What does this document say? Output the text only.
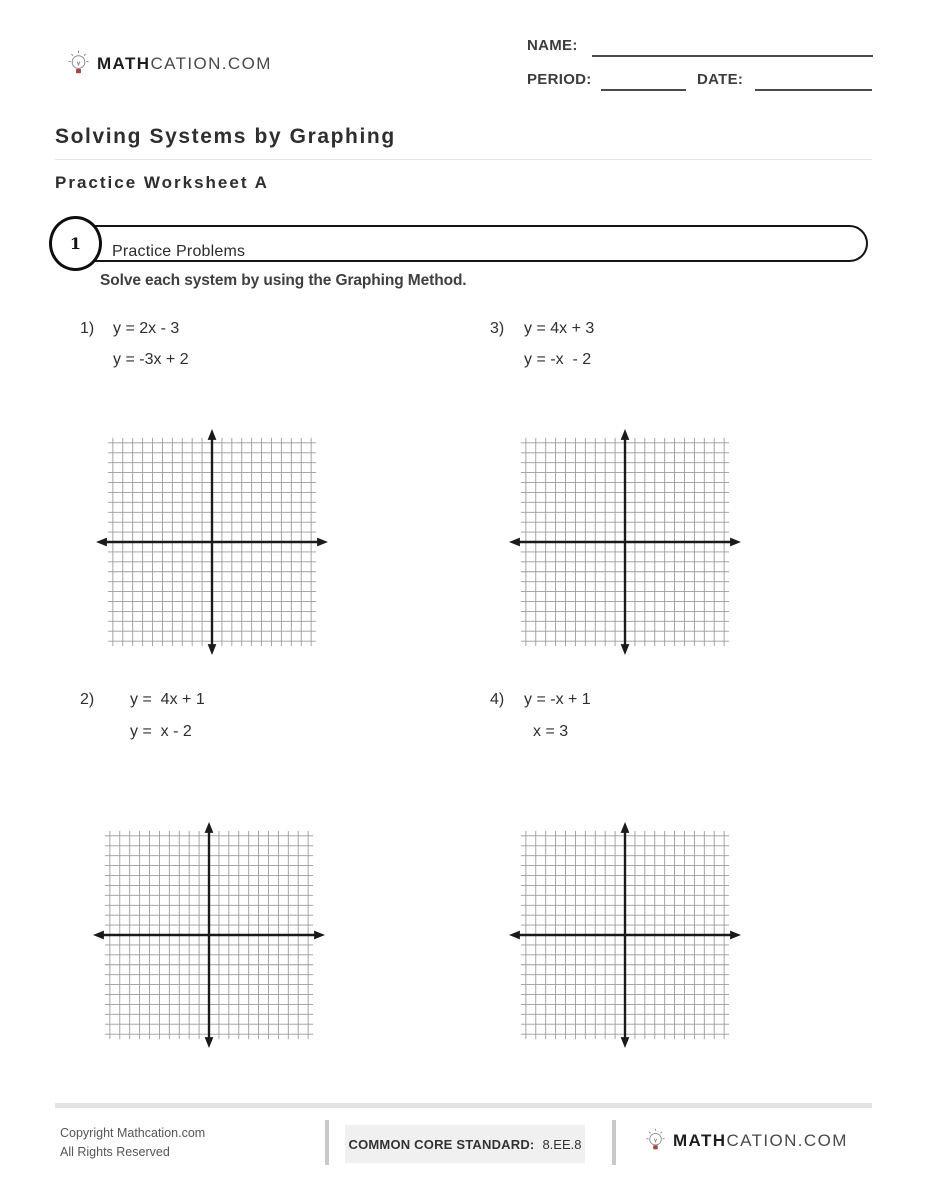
MATHCATION.COM
NAME:
PERIOD:	DATE:
Solving Systems by Graphing
Practice Worksheet A
Practice Problems
1
Solve each system by using the Graphing Method.
1) y = 2x - 3
y = -3x + 2
3) y = 4x + 3
y = -x  - 2
2) y =  4x + 1
y =  x - 2
4) y = -x + 1
x = 3
Copyright Mathcation.com
All Rights Reserved
COMMON CORE STANDARD: 8.EE.8	MATHCATION.COM
